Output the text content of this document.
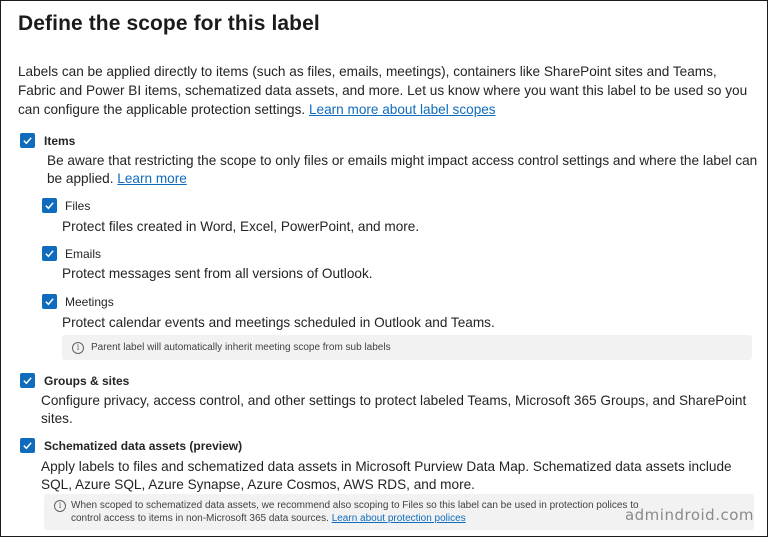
Define the scope for this label
Labels can be applied directly to items (such as files, emails, meetings), containers like SharePoint sites and Teams, Fabric and Power BI items, schematized data assets, and more. Let us know where you want this label to be used so you can configure the applicable protection settings. Learn more about label scopes
Items
Be aware that restricting the scope to only files or emails might impact access control settings and where the label can be applied. Learn more
Files
Protect files created in Word, Excel, PowerPoint, and more.
Emails
Protect messages sent from all versions of Outlook.
Meetings
Protect calendar events and meetings scheduled in Outlook and Teams.
i	Parent label will automatically inherit meeting scope from sub labels
Groups & sites
Configure privacy, access control, and other settings to protect labeled Teams, Microsoft 365 Groups, and SharePoint sites.
Schematized data assets (preview)
Apply labels to files and schematized data assets in Microsoft Purview Data Map. Schematized data assets include SQL, Azure SQL, Azure Synapse, Azure Cosmos, AWS RDS, and more.
i When scoped to schematized data assets, we recommend also scoping to Files so this label can be used in protection polices to control access to items in non-Microsoft 365 data sources. Learn about protection polices	admindroid.com
